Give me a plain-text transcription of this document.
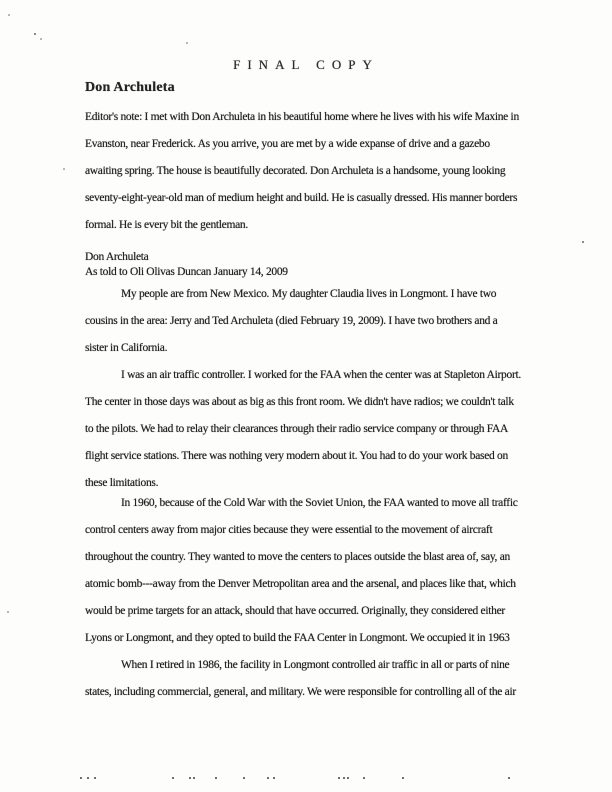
FINAL COPY
Don Archuleta
Editor's note: I met with Don Archuleta in his beautiful home where he lives with his wife Maxine in
Evanston, near Frederick. As you arrive, you are met by a wide expanse of drive and a gazebo
awaiting spring. The house is beautifully decorated. Don Archuleta is a handsome, young looking
seventy-eight-year-old man of medium height and build. He is casually dressed. His manner borders
formal. He is every bit the gentleman.
Don Archuleta
As told to Oli Olivas Duncan January 14, 2009
My people are from New Mexico. My daughter Claudia lives in Longmont. I have two
cousins in the area: Jerry and Ted Archuleta (died February 19, 2009). I have two brothers and a
sister in California.
I was an air traffic controller. I worked for the FAA when the center was at Stapleton Airport.
The center in those days was about as big as this front room. We didn't have radios; we couldn't talk
to the pilots. We had to relay their clearances through their radio service company or through FAA
flight service stations. There was nothing very modern about it. You had to do your work based on
these limitations.
In 1960, because of the Cold War with the Soviet Union, the FAA wanted to move all traffic
control centers away from major cities because they were essential to the movement of aircraft
throughout the country. They wanted to move the centers to places outside the blast area of, say, an
atomic bomb---away from the Denver Metropolitan area and the arsenal, and places like that, which
would be prime targets for an attack, should that have occurred. Originally, they considered either
Lyons or Longmont, and they opted to build the FAA Center in Longmont. We occupied it in 1963
When I retired in 1986, the facility in Longmont controlled air traffic in all or parts of nine
states, including commercial, general, and military. We were responsible for controlling all of the air
